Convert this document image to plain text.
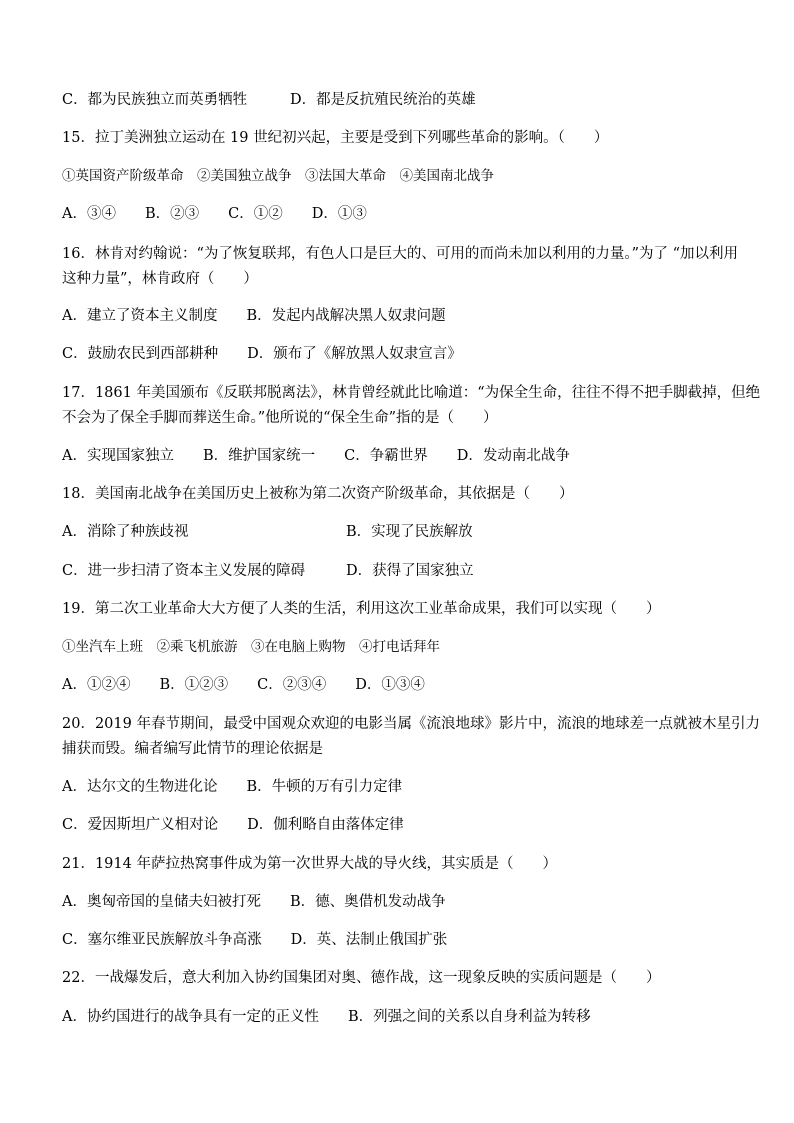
C．都为民族独立而英勇牺牲	D．都是反抗殖民统治的英雄
15．拉丁美洲独立运动在 19 世纪初兴起，主要是受到下列哪些革命的影响。（　　）
①英国资产阶级革命　②美国独立战争　③法国大革命　④美国南北战争
A．③④　　B．②③　　C．①②　　D．①③
16．林肯对约翰说：“为了恢复联邦，有色人口是巨大的、可用的而尚未加以利用的力量。”为了 “加以利用
这种力量”，林肯政府（　　）
A．建立了资本主义制度　　B．发起内战解决黑人奴隶问题
C．鼓励农民到西部耕种　　D．颁布了《解放黑人奴隶宣言》
17．1861 年美国颁布《反联邦脱离法》，林肯曾经就此比喻道：“为保全生命，往往不得不把手脚截掉，但绝
不会为了保全手脚而葬送生命。”他所说的“保全生命”指的是（　　）
A．实现国家独立　　B．维护国家统一　　C．争霸世界　　D．发动南北战争
18．美国南北战争在美国历史上被称为第二次资产阶级革命，其依据是（　　）
A．消除了种族歧视	B．实现了民族解放
C．进一步扫清了资本主义发展的障碍	D．获得了国家独立
19．第二次工业革命大大方便了人类的生活，利用这次工业革命成果，我们可以实现（　　）
①坐汽车上班　②乘飞机旅游　③在电脑上购物　④打电话拜年
A．①②④　　B．①②③　　C．②③④　　D．①③④
20．2019 年春节期间，最受中国观众欢迎的电影当属《流浪地球》影片中，流浪的地球差一点就被木星引力
捕获而毁。编者编写此情节的理论依据是
A．达尔文的生物进化论　　B．牛顿的万有引力定律
C．爱因斯坦广义相对论　　D．伽利略自由落体定律
21．1914 年萨拉热窝事件成为第一次世界大战的导火线，其实质是（　　）
A．奥匈帝国的皇储夫妇被打死　　B．德、奥借机发动战争
C．塞尔维亚民族解放斗争高涨　　D．英、法制止俄国扩张
22．一战爆发后，意大利加入协约国集团对奥、德作战，这一现象反映的实质问题是（　　）
A．协约国进行的战争具有一定的正义性　　B．列强之间的关系以自身利益为转移
